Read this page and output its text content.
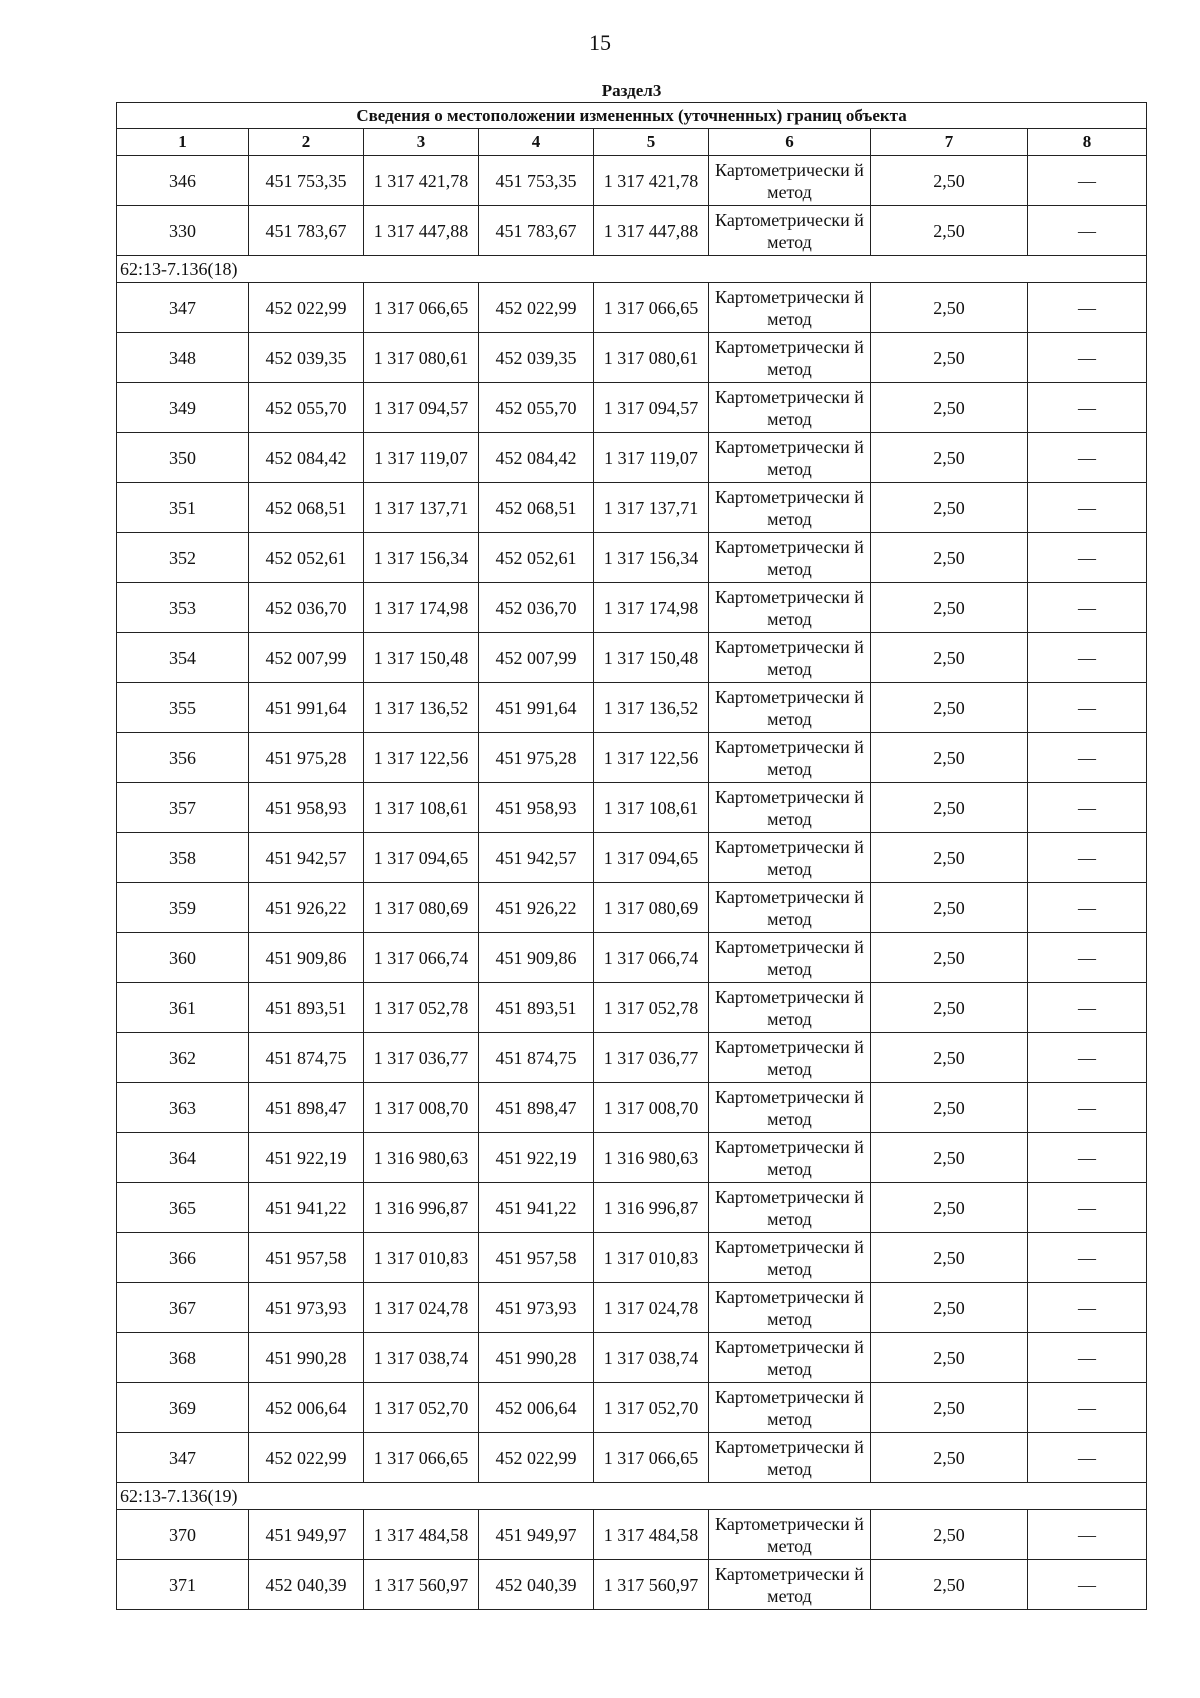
15
Раздел3							
Сведения о местоположении измененных (уточненных) границ объекта							
1	2	3	4	5	6	7	8
346	451 753,35	1 317 421,78	451 753,35	1 317 421,78	Картометрически й метод	2,50	—
330	451 783,67	1 317 447,88	451 783,67	1 317 447,88	Картометрически й метод	2,50	—
62:13-7.136(18)							
347	452 022,99	1 317 066,65	452 022,99	1 317 066,65	Картометрически й метод	2,50	—
348	452 039,35	1 317 080,61	452 039,35	1 317 080,61	Картометрически й метод	2,50	—
349	452 055,70	1 317 094,57	452 055,70	1 317 094,57	Картометрически й метод	2,50	—
350	452 084,42	1 317 119,07	452 084,42	1 317 119,07	Картометрически й метод	2,50	—
351	452 068,51	1 317 137,71	452 068,51	1 317 137,71	Картометрически й метод	2,50	—
352	452 052,61	1 317 156,34	452 052,61	1 317 156,34	Картометрически й метод	2,50	—
353	452 036,70	1 317 174,98	452 036,70	1 317 174,98	Картометрически й метод	2,50	—
354	452 007,99	1 317 150,48	452 007,99	1 317 150,48	Картометрически й метод	2,50	—
355	451 991,64	1 317 136,52	451 991,64	1 317 136,52	Картометрически й метод	2,50	—
356	451 975,28	1 317 122,56	451 975,28	1 317 122,56	Картометрически й метод	2,50	—
357	451 958,93	1 317 108,61	451 958,93	1 317 108,61	Картометрически й метод	2,50	—
358	451 942,57	1 317 094,65	451 942,57	1 317 094,65	Картометрически й метод	2,50	—
359	451 926,22	1 317 080,69	451 926,22	1 317 080,69	Картометрически й метод	2,50	—
360	451 909,86	1 317 066,74	451 909,86	1 317 066,74	Картометрически й метод	2,50	—
361	451 893,51	1 317 052,78	451 893,51	1 317 052,78	Картометрически й метод	2,50	—
362	451 874,75	1 317 036,77	451 874,75	1 317 036,77	Картометрически й метод	2,50	—
363	451 898,47	1 317 008,70	451 898,47	1 317 008,70	Картометрически й метод	2,50	—
364	451 922,19	1 316 980,63	451 922,19	1 316 980,63	Картометрически й метод	2,50	—
365	451 941,22	1 316 996,87	451 941,22	1 316 996,87	Картометрически й метод	2,50	—
366	451 957,58	1 317 010,83	451 957,58	1 317 010,83	Картометрически й метод	2,50	—
367	451 973,93	1 317 024,78	451 973,93	1 317 024,78	Картометрически й метод	2,50	—
368	451 990,28	1 317 038,74	451 990,28	1 317 038,74	Картометрически й метод	2,50	—
369	452 006,64	1 317 052,70	452 006,64	1 317 052,70	Картометрически й метод	2,50	—
347	452 022,99	1 317 066,65	452 022,99	1 317 066,65	Картометрически й метод	2,50	—
62:13-7.136(19)							
370	451 949,97	1 317 484,58	451 949,97	1 317 484,58	Картометрически й метод	2,50	—
371	452 040,39	1 317 560,97	452 040,39	1 317 560,97	Картометрически й метод	2,50	—
